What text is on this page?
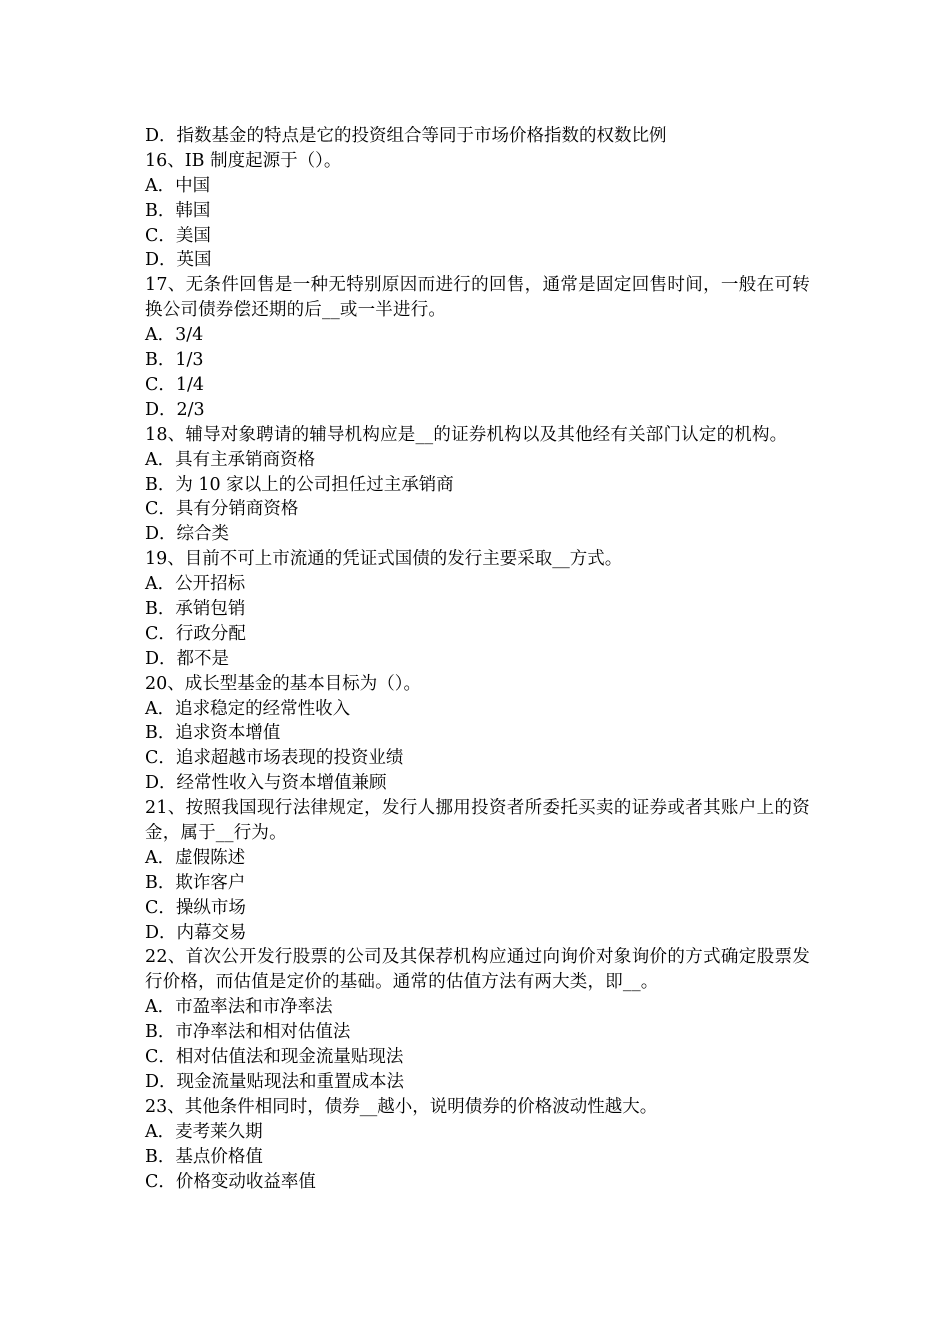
D．指数基金的特点是它的投资组合等同于市场价格指数的权数比例
16、IB 制度起源于（）。
A．中国
B．韩国
C．美国
D．英国
17、无条件回售是一种无特别原因而进行的回售，通常是固定回售时间，一般在可转换公司债券偿还期的后__或一半进行。
A．3/4
B．1/3
C．1/4
D．2/3
18、辅导对象聘请的辅导机构应是__的证券机构以及其他经有关部门认定的机构。
A．具有主承销商资格
B．为 10 家以上的公司担任过主承销商
C．具有分销商资格
D．综合类
19、目前不可上市流通的凭证式国债的发行主要采取__方式。
A．公开招标
B．承销包销
C．行政分配
D．都不是
20、成长型基金的基本目标为（）。
A．追求稳定的经常性收入
B．追求资本增值
C．追求超越市场表现的投资业绩
D．经常性收入与资本增值兼顾
21、按照我国现行法律规定，发行人挪用投资者所委托买卖的证券或者其账户上的资金，属于__行为。
A．虚假陈述
B．欺诈客户
C．操纵市场
D．内幕交易
22、首次公开发行股票的公司及其保荐机构应通过向询价对象询价的方式确定股票发行价格，而估值是定价的基础。通常的估值方法有两大类，即__。
A．市盈率法和市净率法
B．市净率法和相对估值法
C．相对估值法和现金流量贴现法
D．现金流量贴现法和重置成本法
23、其他条件相同时，债券__越小，说明债券的价格波动性越大。
A．麦考莱久期
B．基点价格值
C．价格变动收益率值
